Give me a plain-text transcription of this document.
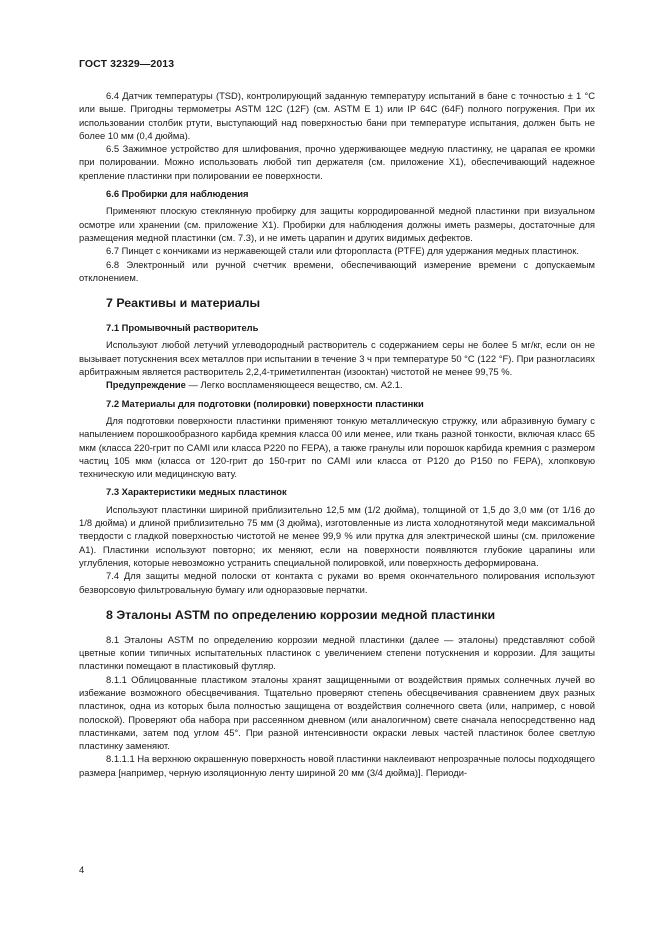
ГОСТ 32329—2013

6.4 Датчик температуры (TSD), контролирующий заданную температуру испытаний в бане с точностью ± 1 °С или выше. Пригодны термометры ASTM 12С (12F) (см. ASTM E 1) или IP 64С (64F) полного погружения. При их использовании столбик ртути, выступающий над поверхностью бани при температуре испытания, должен быть не более 10 мм (0,4 дюйма).

6.5 Зажимное устройство для шлифования, прочно удерживающее медную пластинку, не царапая ее кромки при полировании. Можно использовать любой тип держателя (см. приложение X1), обеспечивающий надежное крепление пластинки при полировании ее поверхности.

6.6 Пробирки для наблюдения

Применяют плоскую стеклянную пробирку для защиты корродированной медной пластинки при визуальном осмотре или хранении (см. приложение X1). Пробирки для наблюдения должны иметь размеры, достаточные для размещения медной пластинки (см. 7.3), и не иметь царапин и других видимых дефектов.

6.7 Пинцет с кончиками из нержавеющей стали или фторопласта (PTFE) для удержания медных пластинок.

6.8 Электронный или ручной счетчик времени, обеспечивающий измерение времени с допускаемым отклонением.

7 Реактивы и материалы
7.1 Промывочный растворитель

Используют любой летучий углеводородный растворитель с содержанием серы не более 5 мг/кг, если он не вызывает потускнения всех металлов при испытании в течение 3 ч при температуре 50 °С (122 °F). При разногласиях арбитражным является растворитель 2,2,4-триметилпентан (изооктан) чистотой не менее 99,75 %.

Предупреждение — Легко воспламеняющееся вещество, см. А2.1.

7.2 Материалы для подготовки (полировки) поверхности пластинки

Для подготовки поверхности пластинки применяют тонкую металлическую стружку, или абразивную бумагу с напылением порошкообразного карбида кремния класса 00 или менее, или ткань разной тонкости, включая класс 65 мкм (класса 220-грит по CAMI или класса P220 по FEPA), а также гранулы или порошок карбида кремния с размером частиц 105 мкм (класса от 120-грит до 150-грит по CAMI или класса от P120 до P150 по FEPA), хлопковую техническую или медицинскую вату.

7.3 Характеристики медных пластинок

Используют пластинки шириной приблизительно 12,5 мм (1/2 дюйма), толщиной от 1,5 до 3,0 мм (от 1/16 до 1/8 дюйма) и длиной приблизительно 75 мм (3 дюйма), изготовленные из листа холоднотянутой меди максимальной твердости с гладкой поверхностью чистотой не менее 99,9 % или прутка для электрической шины (см. приложение А1). Пластинки используют повторно; их меняют, если на поверхности появляются глубокие царапины или углубления, которые невозможно устранить специальной полировкой, или поверхность деформирована.

7.4 Для защиты медной полоски от контакта с руками во время окончательного полирования используют безворсовую фильтровальную бумагу или одноразовые перчатки.

8 Эталоны ASTM по определению коррозии медной пластинки

8.1 Эталоны ASTM по определению коррозии медной пластинки (далее — эталоны) представляют собой цветные копии типичных испытательных пластинок с увеличением степени потускнения и коррозии. Для защиты пластинки помещают в пластиковый футляр.

8.1.1 Облицованные пластиком эталоны хранят защищенными от воздействия прямых солнечных лучей во избежание возможного обесцвечивания. Тщательно проверяют степень обесцвечивания сравнением двух разных пластинок, одна из которых была полностью защищена от воздействия солнечного света (или, например, с новой полоской). Проверяют оба набора при рассеянном дневном (или аналогичном) свете сначала непосредственно над пластинками, затем под углом 45°. При разной интенсивности окраски левых частей пластинок более светлую пластинку заменяют.

8.1.1.1 На верхнюю окрашенную поверхность новой пластинки наклеивают непрозрачные полосы подходящего размера [например, черную изоляционную ленту шириной 20 мм (3/4 дюйма)]. Периоди-

4
